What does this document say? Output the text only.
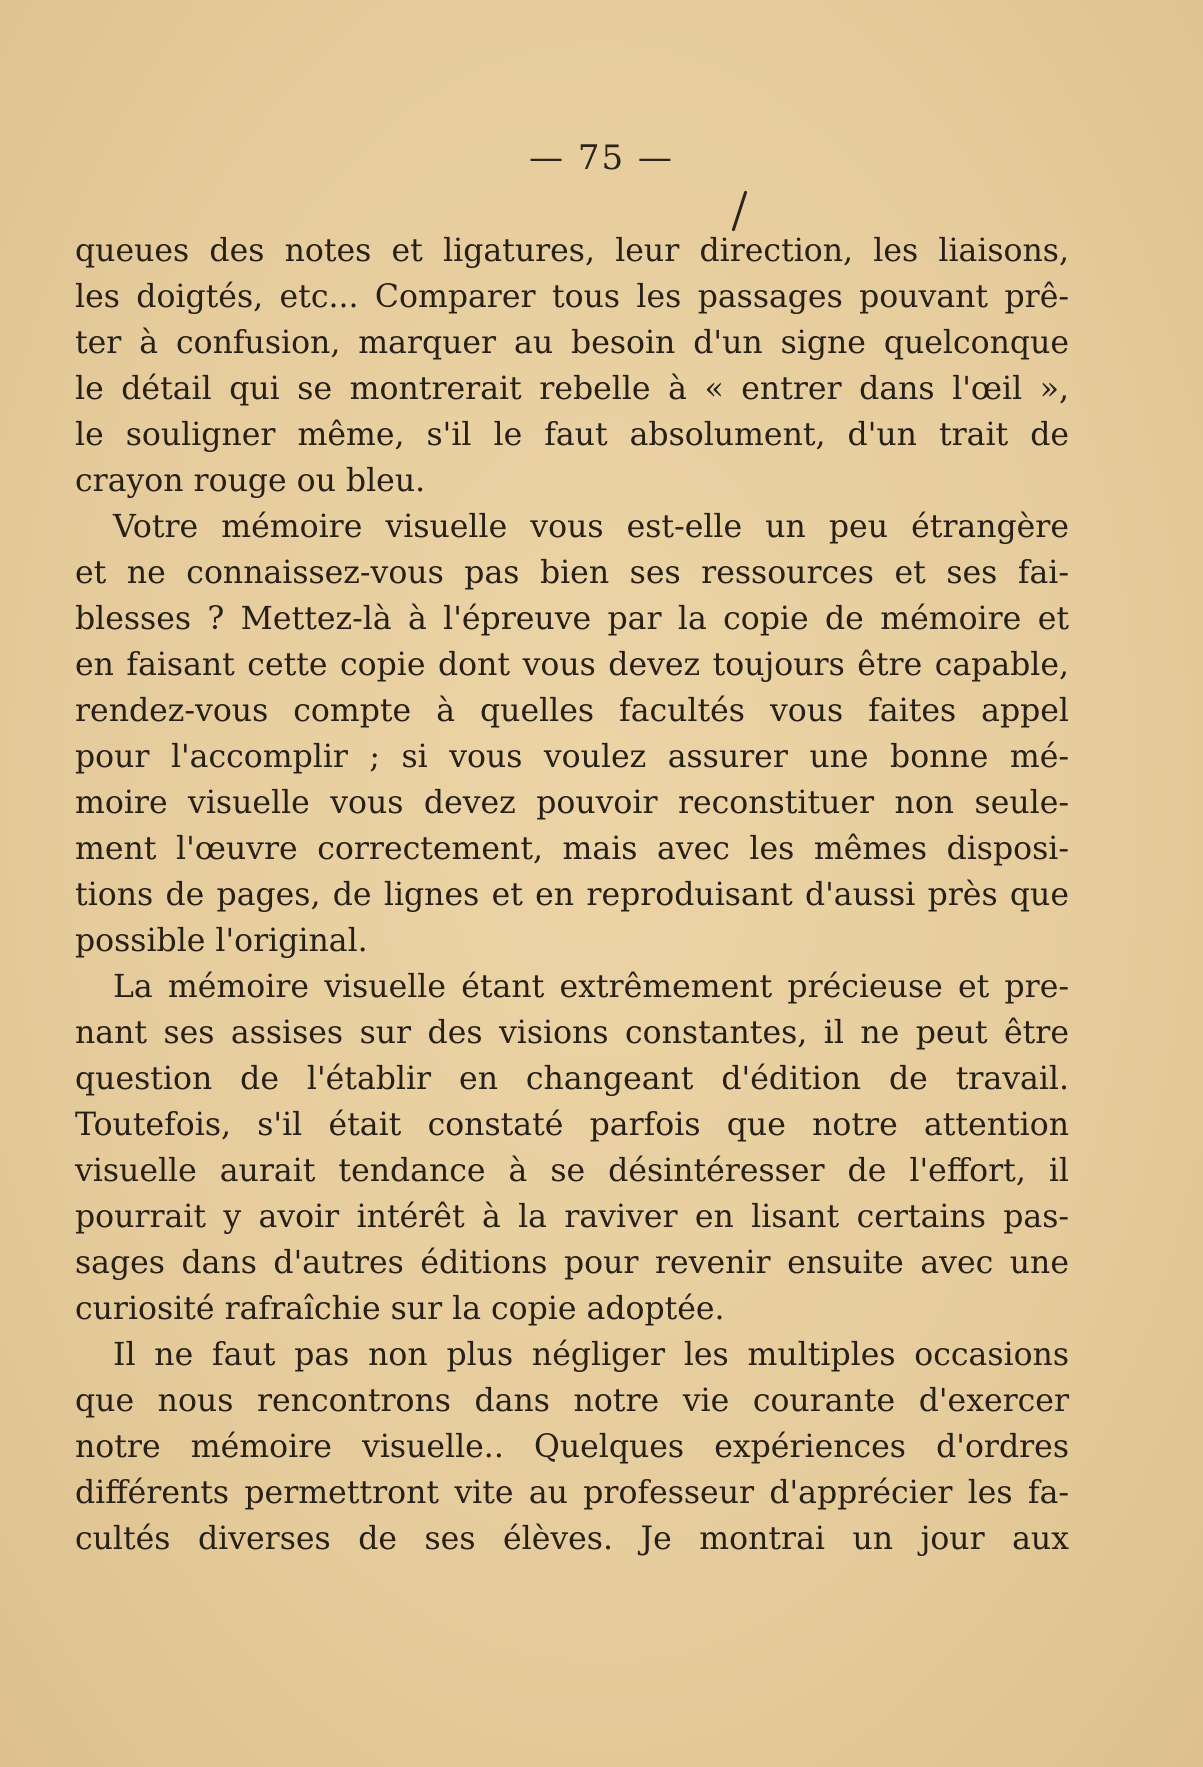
— 75 —
queues des notes et ligatures, leur direction, les liaisons,
les doigtés, etc... Comparer tous les passages pouvant prê-
ter à confusion, marquer au besoin d'un signe quelconque
le détail qui se montrerait rebelle à « entrer dans l'œil »,
le souligner même, s'il le faut absolument, d'un trait de
crayon rouge ou bleu.
Votre mémoire visuelle vous est-elle un peu étrangère
et ne connaissez-vous pas bien ses ressources et ses fai-
blesses ? Mettez-là à l'épreuve par la copie de mémoire et
en faisant cette copie dont vous devez toujours être capable,
rendez-vous compte à quelles facultés vous faites appel
pour l'accomplir ; si vous voulez assurer une bonne mé-
moire visuelle vous devez pouvoir reconstituer non seule-
ment l'œuvre correctement, mais avec les mêmes disposi-
tions de pages, de lignes et en reproduisant d'aussi près que
possible l'original.
La mémoire visuelle étant extrêmement précieuse et pre-
nant ses assises sur des visions constantes, il ne peut être
question de l'établir en changeant d'édition de travail.
Toutefois, s'il était constaté parfois que notre attention
visuelle aurait tendance à se désintéresser de l'effort, il
pourrait y avoir intérêt à la raviver en lisant certains pas-
sages dans d'autres éditions pour revenir ensuite avec une
curiosité rafraîchie sur la copie adoptée.
Il ne faut pas non plus négliger les multiples occasions
que nous rencontrons dans notre vie courante d'exercer
notre mémoire visuelle.. Quelques expériences d'ordres
différents permettront vite au professeur d'apprécier les fa-
cultés diverses de ses élèves. Je montrai un jour aux
